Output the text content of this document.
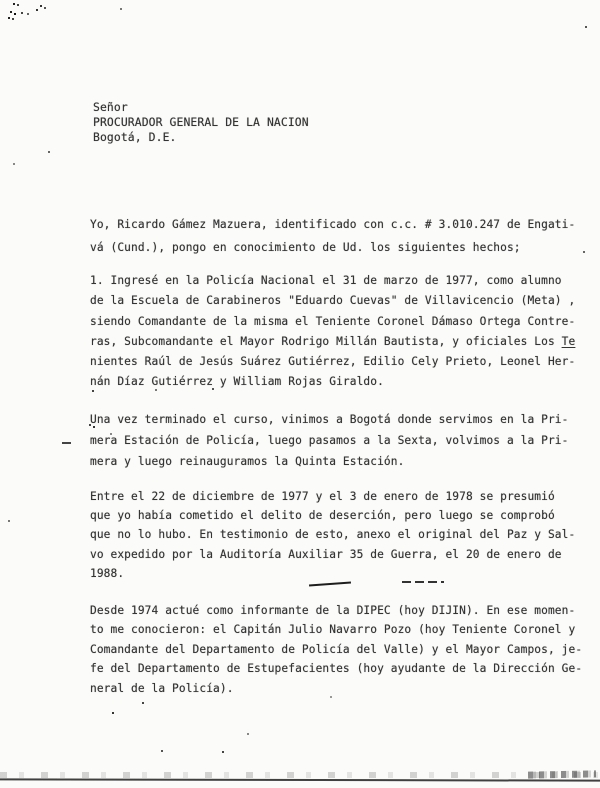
Señor
PROCURADOR GENERAL DE LA NACION
Bogotá, D.E.
Yo, Ricardo Gámez Mazuera, identificado con c.c. # 3.010.247 de Engati-
vá (Cund.), pongo en conocimiento de Ud. los siguientes hechos;
1. Ingresé en la Policía Nacional el 31 de marzo de 1977, como alumno
de la Escuela de Carabineros "Eduardo Cuevas" de Villavicencio (Meta) ,
siendo Comandante de la misma el Teniente Coronel Dámaso Ortega Contre-
ras, Subcomandante el Mayor Rodrigo Millán Bautista, y oficiales Los Te
nientes Raúl de Jesús Suárez Gutiérrez, Edilio Cely Prieto, Leonel Her-
nán Díaz Gutiérrez y William Rojas Giraldo.
Una vez terminado el curso, vinimos a Bogotá donde servimos en la Pri-
mera Estación de Policía, luego pasamos a la Sexta, volvimos a la Pri-
mera y luego reinauguramos la Quinta Estación.
Entre el 22 de diciembre de 1977 y el 3 de enero de 1978 se presumió
que yo había cometido el delito de deserción, pero luego se comprobó
que no lo hubo. En testimonio de esto, anexo el original del Paz y Sal-
vo expedido por la Auditoría Auxiliar 35 de Guerra, el 20 de enero de
1988.
Desde 1974 actué como informante de la DIPEC (hoy DIJIN). En ese momen-
to me conocieron: el Capitán Julio Navarro Pozo (hoy Teniente Coronel y
Comandante del Departamento de Policía del Valle) y el Mayor Campos, je-
fe del Departamento de Estupefacientes (hoy ayudante de la Dirección Ge-
neral de la Policía).
